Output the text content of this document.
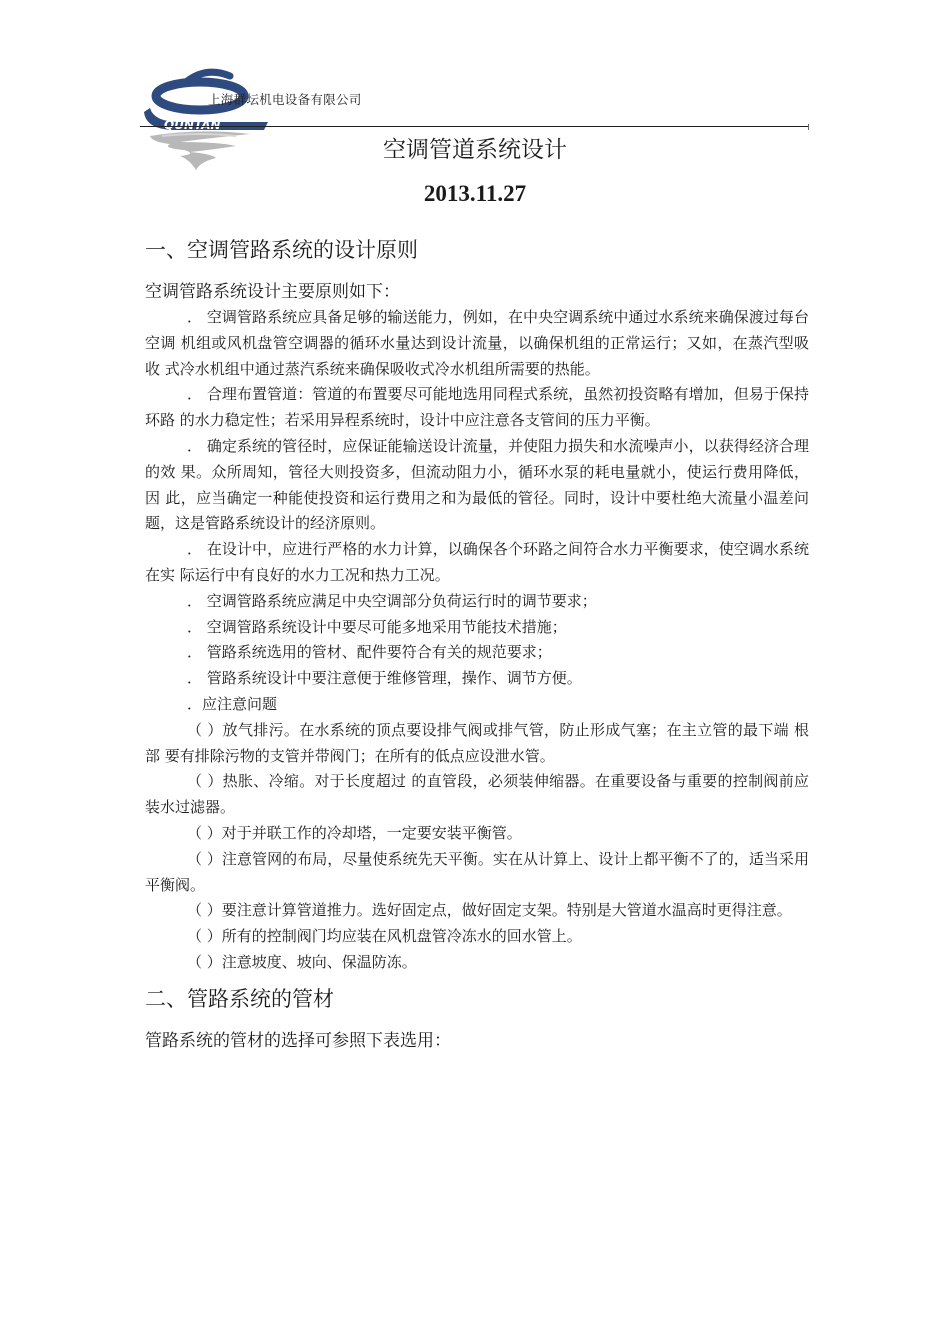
QUNTAN
上海群坛机电设备有限公司
空调管道系统设计
2013.11.27
一、空调管路系统的设计原则

空调管路系统设计主要原则如下：

． 空调管路系统应具备足够的输送能力，例如，在中央空调系统中通过水系统来确保渡过每台空调 机组或风机盘管空调器的循环水量达到设计流量，以确保机组的正常运行；又如，在蒸汽型吸收 式冷水机组中通过蒸汽系统来确保吸收式冷水机组所需要的热能。

． 合理布置管道：管道的布置要尽可能地选用同程式系统，虽然初投资略有增加，但易于保持环路 的水力稳定性；若采用异程系统时，设计中应注意各支管间的压力平衡。

． 确定系统的管径时，应保证能输送设计流量，并使阻力损失和水流噪声小，以获得经济合理的效 果。众所周知，管径大则投资多，但流动阻力小，循环水泵的耗电量就小，使运行费用降低，因 此，应当确定一种能使投资和运行费用之和为最低的管径。同时，设计中要杜绝大流量小温差问 题，这是管路系统设计的经济原则。

． 在设计中，应进行严格的水力计算，以确保各个环路之间符合水力平衡要求，使空调水系统在实 际运行中有良好的水力工况和热力工况。

． 空调管路系统应满足中央空调部分负荷运行时的调节要求；

． 空调管路系统设计中要尽可能多地采用节能技术措施；

． 管路系统选用的管材、配件要符合有关的规范要求；

． 管路系统设计中要注意便于维修管理，操作、调节方便。

．应注意问题

（ ）放气排污。在水系统的顶点要设排气阀或排气管，防止形成气塞；在主立管的最下端 根部 要有排除污物的支管并带阀门；在所有的低点应设泄水管。

（ ）热胀、冷缩。对于长度超过 的直管段，必须装伸缩器。在重要设备与重要的控制阀前应装水过滤器。

（ ）对于并联工作的冷却塔，一定要安装平衡管。

（ ）注意管网的布局，尽量使系统先天平衡。实在从计算上、设计上都平衡不了的，适当采用平衡阀。

（ ）要注意计算管道推力。选好固定点，做好固定支架。特别是大管道水温高时更得注意。

（ ）所有的控制阀门均应装在风机盘管冷冻水的回水管上。

（ ）注意坡度、坡向、保温防冻。

二、管路系统的管材

管路系统的管材的选择可参照下表选用：
